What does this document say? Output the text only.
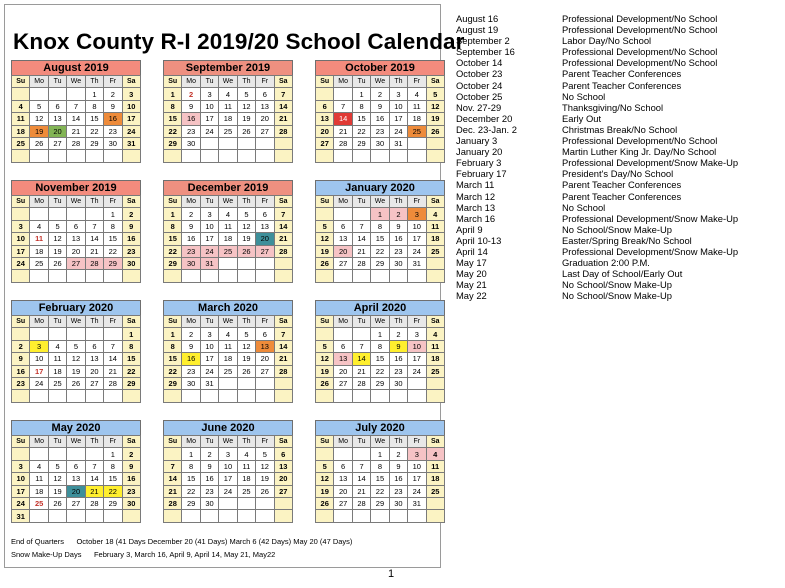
Knox County R-I 2019/20 School Calendar
August 2019
Su	Mo	Tu	We	Th	Fr	Sa
				1	2	3
4	5	6	7	8	9	10
11	12	13	14	15	16	17
18	19	20	21	22	23	24
25	26	27	28	29	30	31

September 2019
Su	Mo	Tu	We	Th	Fr	Sa
1	2	3	4	5	6	7
8	9	10	11	12	13	14
15	16	17	18	19	20	21
22	23	24	25	26	27	28
29	30					

October 2019
Su	Mo	Tu	We	Th	Fr	Sa
		1	2	3	4	5
6	7	8	9	10	11	12
13	14	15	16	17	18	19
20	21	22	23	24	25	26
27	28	29	30	31		

November 2019
Su	Mo	Tu	We	Th	Fr	Sa
					1	2
3	4	5	6	7	8	9
10	11	12	13	14	15	16
17	18	19	20	21	22	23
24	25	26	27	28	29	30

December 2019
Su	Mo	Tu	We	Th	Fr	Sa
1	2	3	4	5	6	7
8	9	10	11	12	13	14
15	16	17	18	19	20	21
22	23	24	25	26	27	28
29	30	31				

January 2020
Su	Mo	Tu	We	Th	Fr	Sa
			1	2	3	4
5	6	7	8	9	10	11
12	13	14	15	16	17	18
19	20	21	22	23	24	25
26	27	28	29	30	31	

February 2020
Su	Mo	Tu	We	Th	Fr	Sa
						1
2	3	4	5	6	7	8
9	10	11	12	13	14	15
16	17	18	19	20	21	22
23	24	25	26	27	28	29

March 2020
Su	Mo	Tu	We	Th	Fr	Sa
1	2	3	4	5	6	7
8	9	10	11	12	13	14
15	16	17	18	19	20	21
22	23	24	25	26	27	28
29	30	31				

April 2020
Su	Mo	Tu	We	Th	Fr	Sa
			1	2	3	4
5	6	7	8	9	10	11
12	13	14	15	16	17	18
19	20	21	22	23	24	25
26	27	28	29	30		

May 2020
Su	Mo	Tu	We	Th	Fr	Sa
					1	2
3	4	5	6	7	8	9
10	11	12	13	14	15	16
17	18	19	20	21	22	23
24	25	26	27	28	29	30
31						
June 2020
Su	Mo	Tu	We	Th	Fr	Sa
	1	2	3	4	5	6
7	8	9	10	11	12	13
14	15	16	17	18	19	20
21	22	23	24	25	26	27
28	29	30				

July 2020
Su	Mo	Tu	We	Th	Fr	Sa
			1	2	3	4
5	6	7	8	9	10	11
12	13	14	15	16	17	18
19	20	21	22	23	24	25
26	27	28	29	30	31	

End of Quarters October 18 (41 Days December 20 (41 Days) March 6 (42 Days) May 20 (47 Days)
Snow Make-Up Days February 3, March 16, April 9, April 14, May 21, May22
1
August 16	Professional Development/No School
August 19	Professional Development/No School
September 2	Labor Day/No School
September 16	Professional Development/No School
October 14	Professional Development/No School
October 23	Parent Teacher Conferences
October 24	Parent Teacher Conferences
October 25	No School
Nov. 27-29	Thanksgiving/No School
December 20	Early Out
Dec. 23-Jan. 2	Christmas Break/No School
January 3	Professional Development/No School
January 20	Martin Luther King Jr. Day/No School
February 3	Professional Development/Snow Make-Up
February 17	President's Day/No School
March 11	Parent Teacher Conferences
March 12	Parent Teacher Conferences
March 13	No School
March 16	Professional Development/Snow Make-Up
April 9	No School/Snow Make-Up
April 10-13	Easter/Spring Break/No School
April 14	Professional Development/Snow Make-Up
May 17	Graduation 2:00 P.M.
May 20	Last Day of School/Early Out
May 21	No School/Snow Make-Up
May 22	No School/Snow Make-Up
